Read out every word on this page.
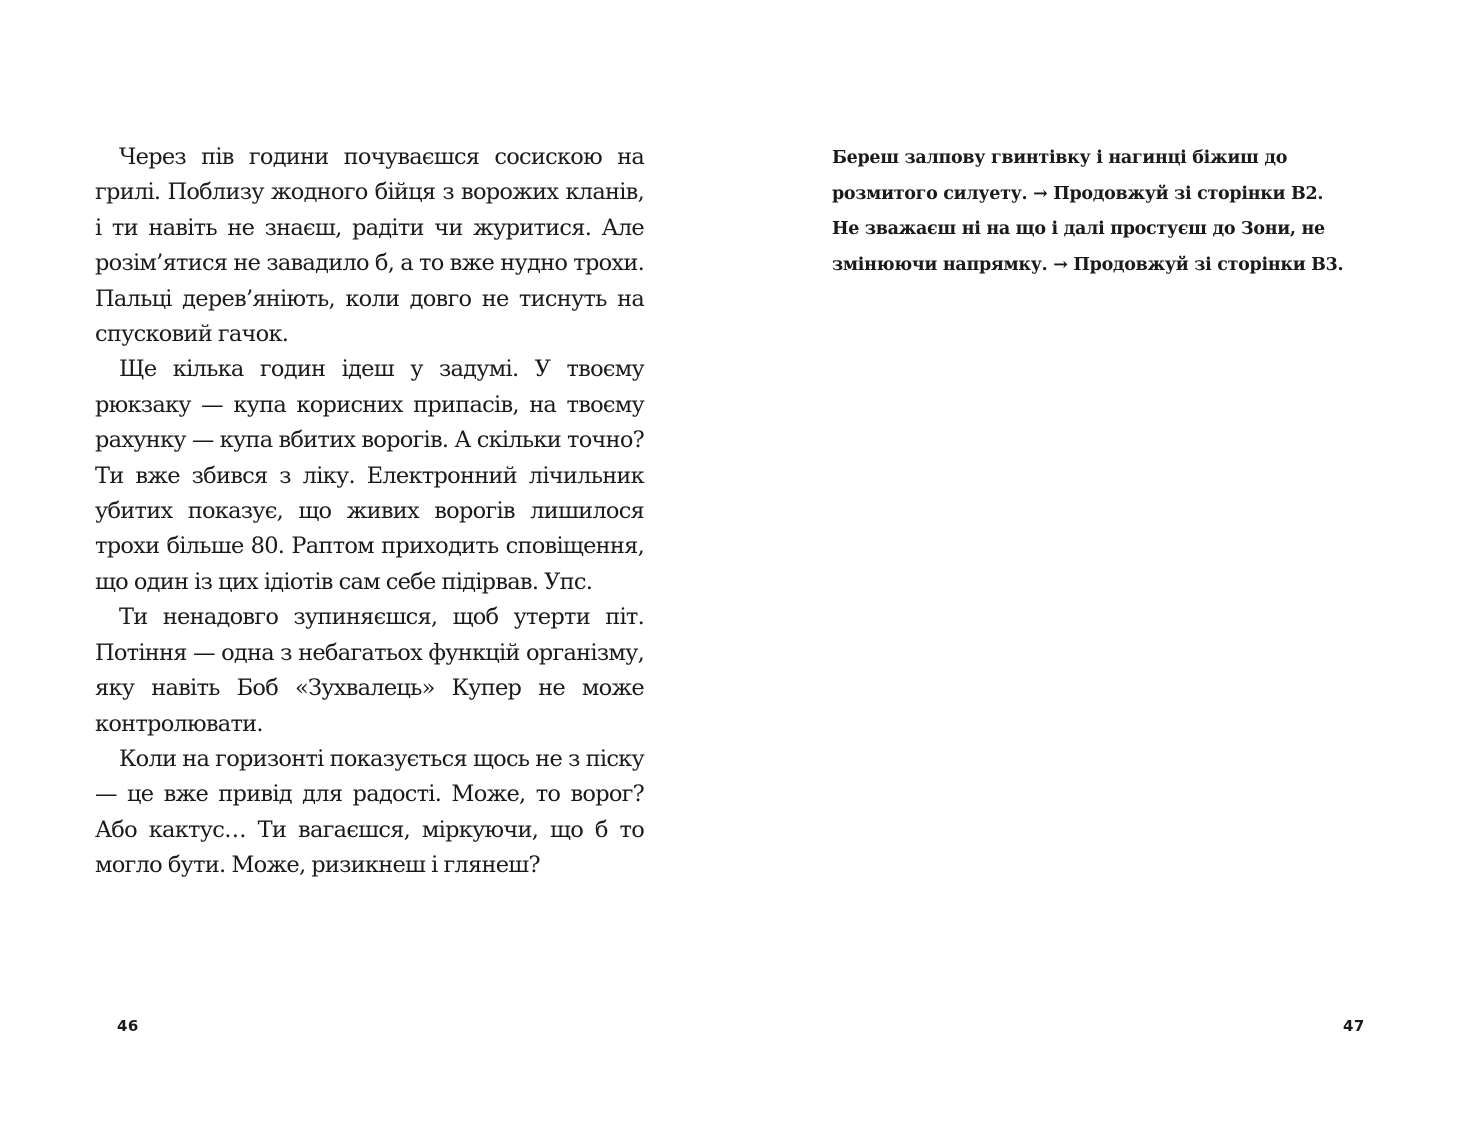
Через пів години почуваєшся сосискою на грилі. Поблизу жодного бійця з ворожих кланів, і ти навіть не знаєш, радіти чи журитися. Але розім’ятися не завадило б, а то вже нудно трохи. Пальці дерев’яніють, коли довго не тиснуть на спусковий гачок.

Ще кілька годин ідеш у задумі. У твоєму рюкзаку — купа корисних припасів, на твоєму рахунку — купа вбитих ворогів. А скільки точно? Ти вже збився з ліку. Електронний лічильник убитих показує, що живих ворогів лишилося трохи більше 80. Раптом приходить сповіщення, що один із цих ідіотів сам себе підірвав. Упс.

Ти ненадовго зупиняєшся, щоб утерти піт. Потіння — одна з небагатьох функцій організму, яку навіть Боб «Зухвалець» Купер не може контролювати.

Коли на горизонті показується щось не з піску — це вже привід для радості. Може, то ворог? Або кактус… Ти вагаєшся, міркуючи, що б то могло бути. Може, ризикнеш і глянеш?

46

Береш залпову гвинтівку і нагинці біжиш до розмитого силуету. → Продовжуй зі сторінки B2.

Не зважаєш ні на що і далі простуєш до Зони, не змінюючи напрямку. → Продовжуй зі сторінки B3.

47
